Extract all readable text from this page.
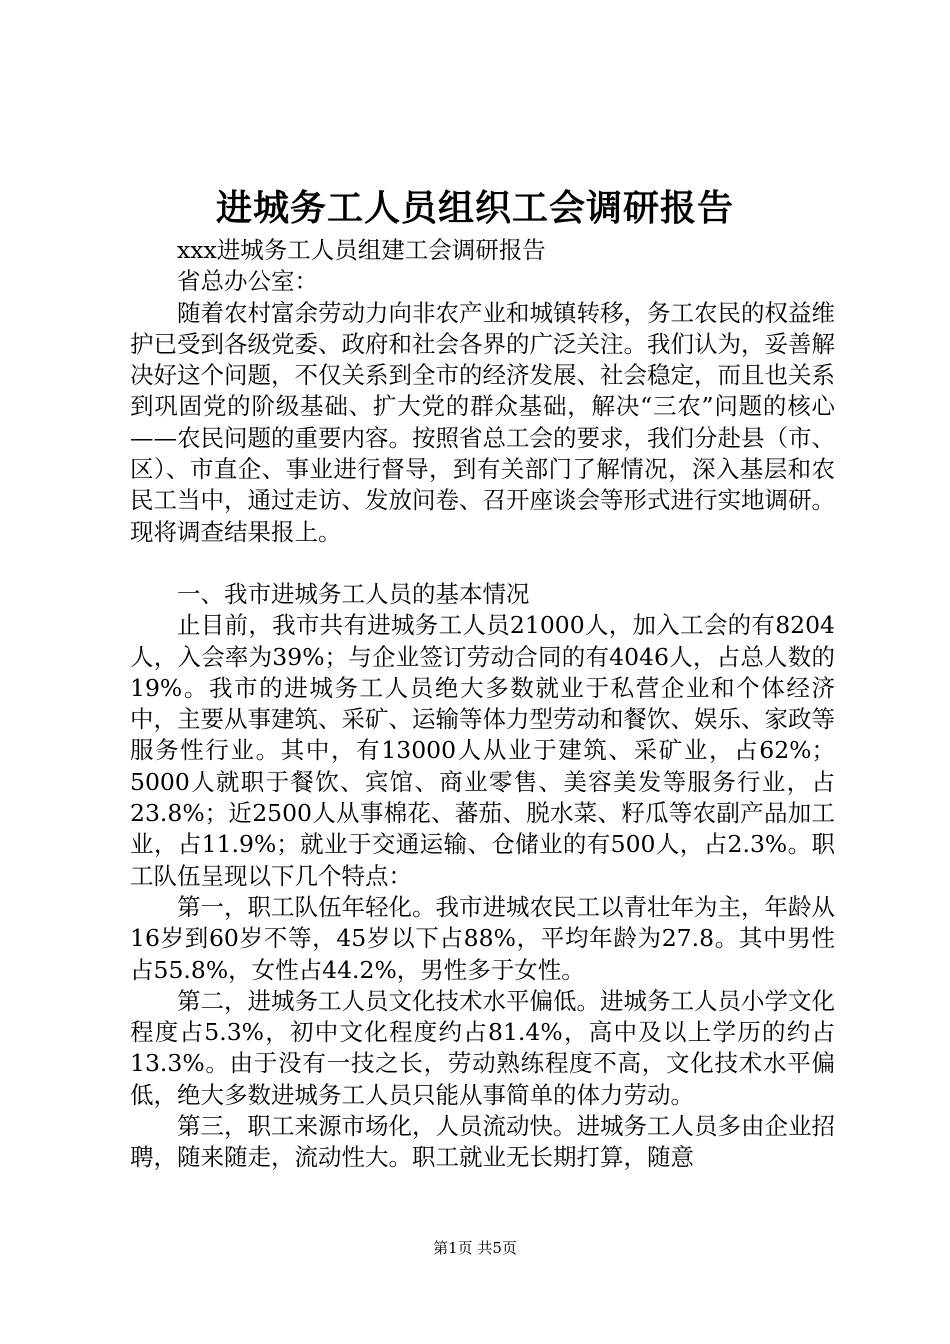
进城务工人员组织工会调研报告

xxx进城务工人员组建工会调研报告

省总办公室：

随着农村富余劳动力向非农产业和城镇转移，务工农民的权益维护已受到各级党委、政府和社会各界的广泛关注。我们认为，妥善解决好这个问题，不仅关系到全市的经济发展、社会稳定，而且也关系到巩固党的阶级基础、扩大党的群众基础，解决“三农”问题的核心——农民问题的重要内容。按照省总工会的要求，我们分赴县（市、区）、市直企、事业进行督导，到有关部门了解情况，深入基层和农民工当中，通过走访、发放问卷、召开座谈会等形式进行实地调研。现将调查结果报上。

一、我市进城务工人员的基本情况

止目前，我市共有进城务工人员21000人，加入工会的有8204人，入会率为39%；与企业签订劳动合同的有4046人，占总人数的19%。我市的进城务工人员绝大多数就业于私营企业和个体经济中，主要从事建筑、采矿、运输等体力型劳动和餐饮、娱乐、家政等服务性行业。其中，有13000人从业于建筑、采矿业，占62%；5000人就职于餐饮、宾馆、商业零售、美容美发等服务行业，占23.8%；近2500人从事棉花、蕃茄、脱水菜、籽瓜等农副产品加工业，占11.9%；就业于交通运输、仓储业的有500人，占2.3%。职工队伍呈现以下几个特点：

第一，职工队伍年轻化。我市进城农民工以青壮年为主，年龄从16岁到60岁不等，45岁以下占88%，平均年龄为27.8。其中男性占55.8%，女性占44.2%，男性多于女性。

第二，进城务工人员文化技术水平偏低。进城务工人员小学文化程度占5.3%，初中文化程度约占81.4%，高中及以上学历的约占13.3%。由于没有一技之长，劳动熟练程度不高，文化技术水平偏低，绝大多数进城务工人员只能从事简单的体力劳动。

第三，职工来源市场化，人员流动快。进城务工人员多由企业招聘，随来随走，流动性大。职工就业无长期打算，随意

第1页 共5页
